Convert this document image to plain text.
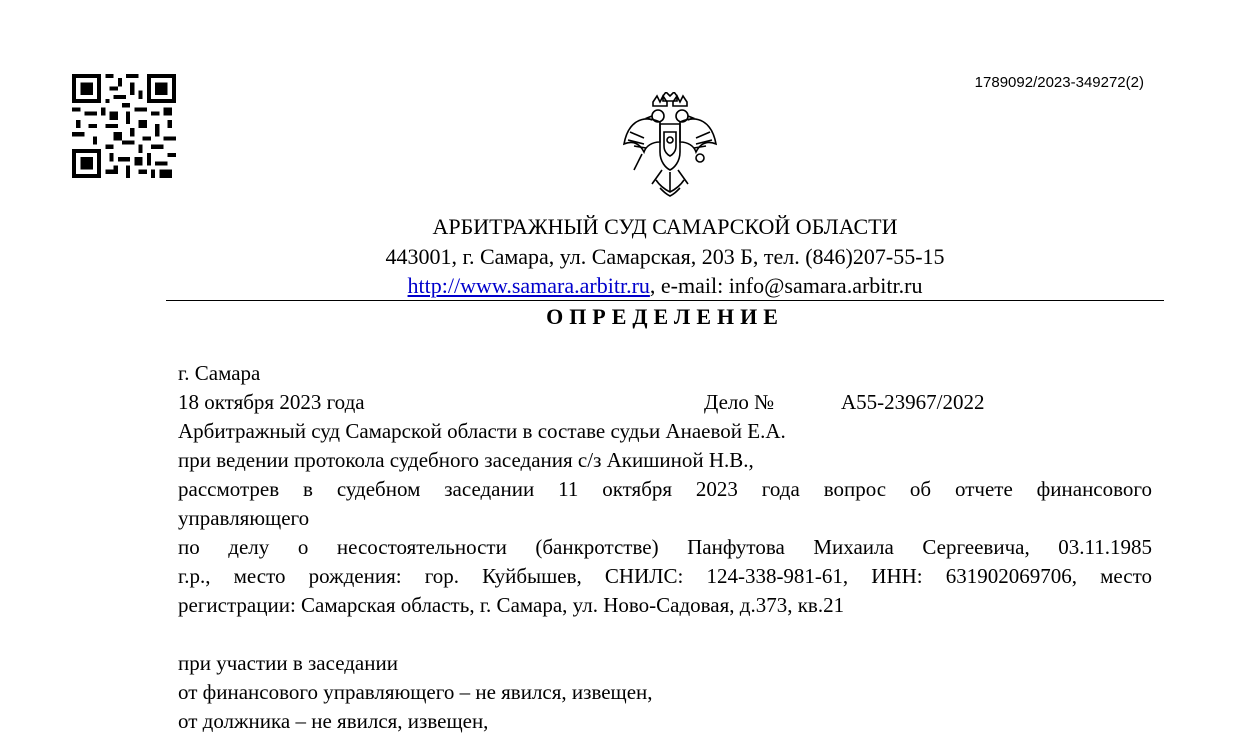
1789092/2023-349272(2)
АРБИТРАЖНЫЙ СУД САМАРСКОЙ ОБЛАСТИ
443001, г. Самара, ул. Самарская, 203 Б, тел. (846)207-55-15
http://www.samara.arbitr.ru, e-mail: info@samara.arbitr.ru
ОПРЕДЕЛЕНИЕ
г. Самара
18 октября 2023 года	Дело №	А55-23967/2022
Арбитражный суд Самарской области в составе судьи Анаевой Е.А.
при ведении протокола судебного заседания с/з Акишиной Н.В.,
рассмотрев в судебном заседании 11 октября 2023 года вопрос об отчете финансового
управляющего
по делу о несостоятельности (банкротстве) Панфутова Михаила Сергеевича, 03.11.1985
г.р., место рождения: гор. Куйбышев, СНИЛС: 124-338-981-61, ИНН: 631902069706, место
регистрации: Самарская область, г. Самара, ул. Ново-Садовая, д.373, кв.21
при участии в заседании
от финансового управляющего – не явился, извещен,
от должника – не явился, извещен,
